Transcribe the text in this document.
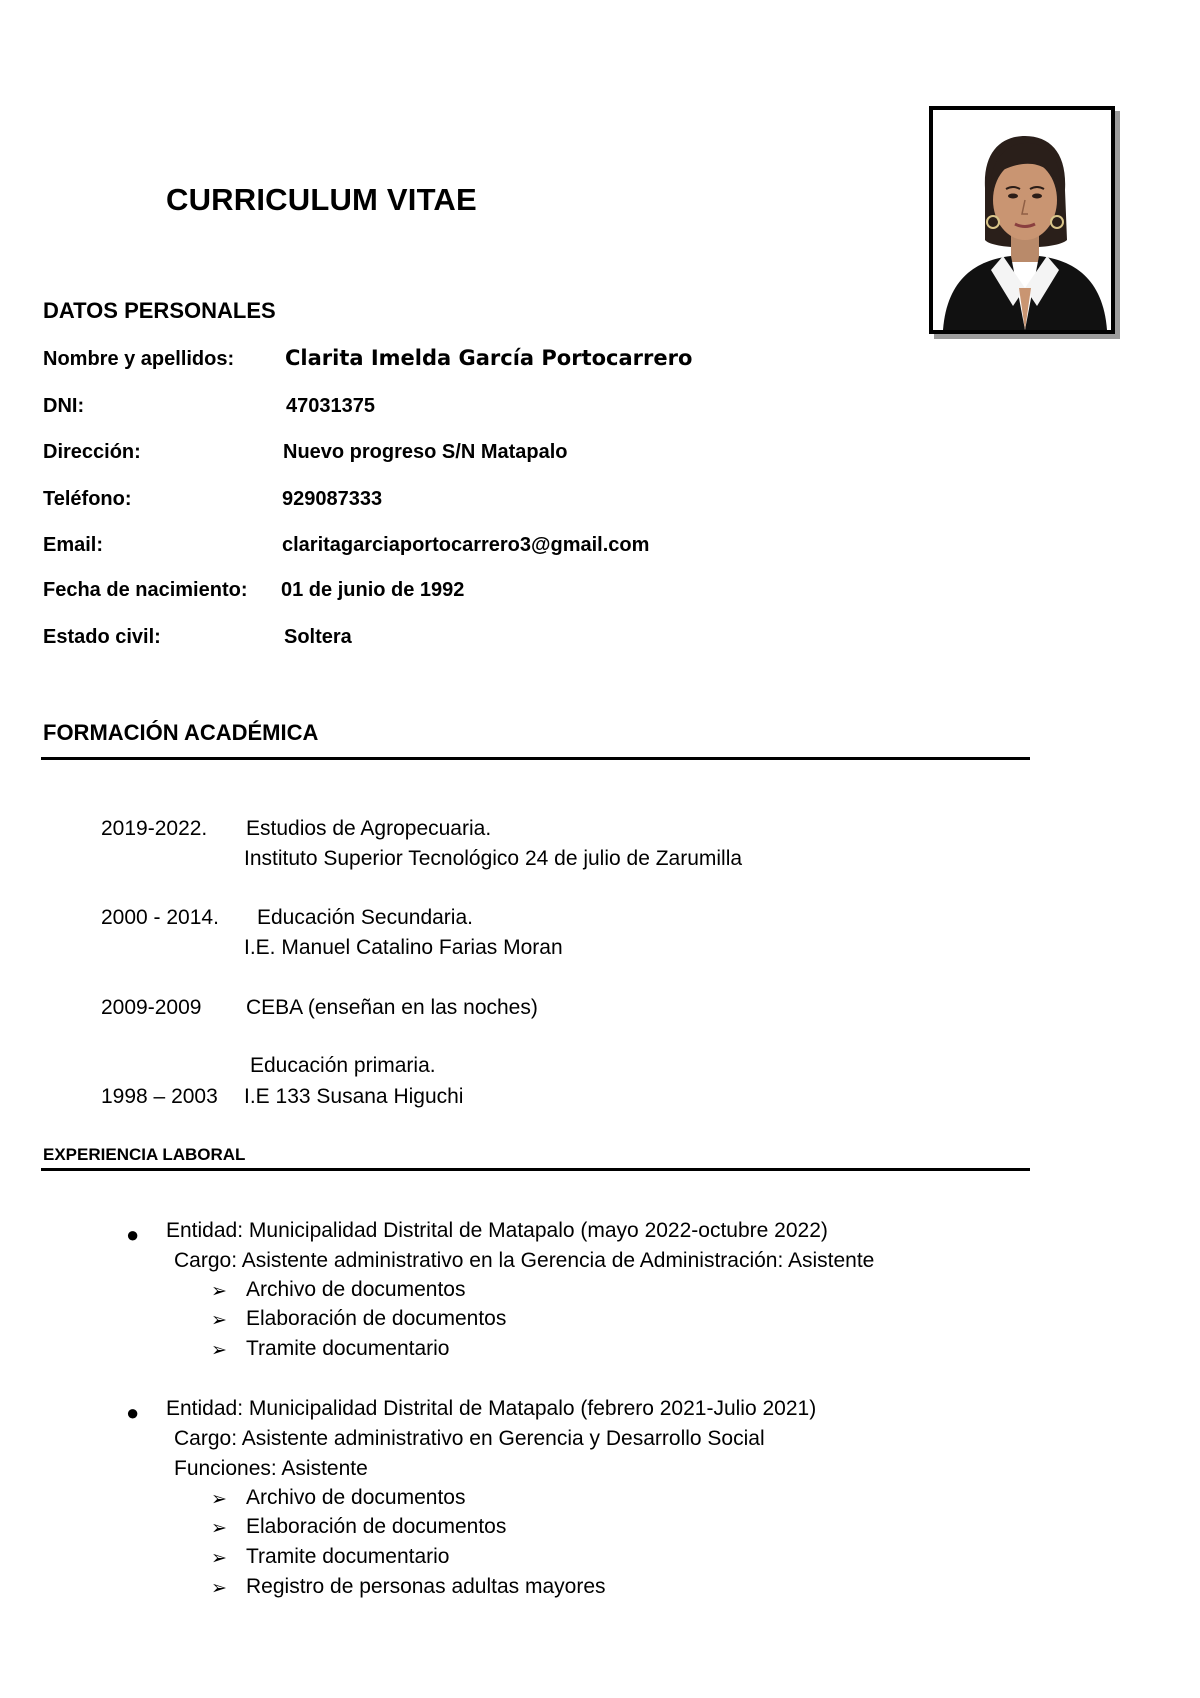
CURRICULUM VITAE
DATOS PERSONALES
Nombre y apellidos: Clarita Imelda García Portocarrero
DNI:	47031375
Dirección:	Nuevo progreso S/N Matapalo
Teléfono:	929087333
Email:	claritagarciaportocarrero3@gmail.com
Fecha de nacimiento: 01 de junio de 1992
Estado civil:	Soltera
FORMACIÓN ACADÉMICA
2019-2022. Estudios de Agropecuaria.
Instituto Superior Tecnológico 24 de julio de Zarumilla
2000 - 2014. Educación Secundaria.
I.E. Manuel Catalino Farias Moran
2009-2009 CEBA (enseñan en las noches)
Educación primaria.
1998 – 2003 I.E 133 Susana Higuchi
EXPERIENCIA LABORAL
● Entidad: Municipalidad Distrital de Matapalo (mayo 2022-octubre 2022)
Cargo: Asistente administrativo en la Gerencia de Administración: Asistente
➢ Archivo de documentos
➢ Elaboración de documentos
➢ Tramite documentario
● Entidad: Municipalidad Distrital de Matapalo (febrero 2021-Julio 2021)
Cargo: Asistente administrativo en Gerencia y Desarrollo Social
Funciones: Asistente
➢ Archivo de documentos
➢ Elaboración de documentos
➢ Tramite documentario
➢ Registro de personas adultas mayores
